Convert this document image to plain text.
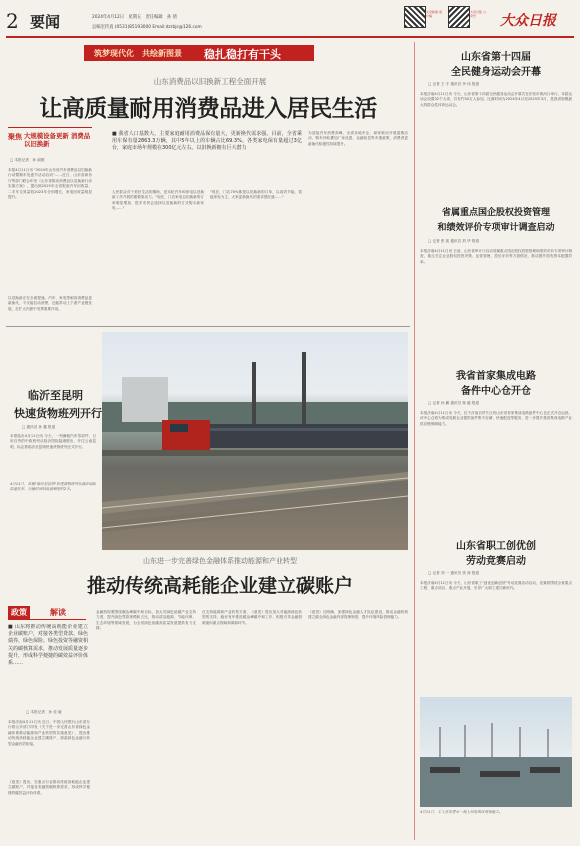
2 要闻	2024年4月12日　星期五　责任编辑　孙 倩
总编室传真 (0531)85193000 Email:dzrbjs@126.com
大众新闻 客户端
大众日报 公众号	大众日报
筑梦现代化　共绘新图景 稳扎稳打有干头
山东消费品以旧换新工程全面开展
让高质量耐用消费品进入居民生活
聚焦 大规模设备更新 消费品以旧换新
□ 本报记者　孙 淑媛
本报4月11日讯 "2024年山东省汽车消费品以旧换新行动暨购车优惠节活动启动"……近日，山东省商务厅等部门联合印发《山东省推动消费品以旧换新行动实施方案》，提出到2025年全省报废汽车回收量、二手车交易量较2023年分别增长，家电回收量明显提升。
以旧换新正在全面提速。汽车、家电等耐用消费品更新换代，不仅能拉动消费，还能带动上下游产业链发展，在扩大内需中发挥重要作用。
■ 我省人口基数大，主要家庭耐用消费品保有量大，更新换代需求强。目前，全省乘用车保有量2863.3万辆，其中5年以上的车辆占比69.3%。各类家电保有量超过3亿台，家庭市场年规模在300亿元左右。以旧换新拥有巨大潜力
人民群众对于美好生活的期盼，是本轮汽车和家电以旧换新工作开展的重要原动力。"现在，门店家电以旧换新的订单明显增加，很多市民会选择以旧换新的方式购买新家电……"
"现在，门店70%都是以旧换新的订单，以高效节能、智能家电为主，大家更新换代的需求很旺盛……"
为迎接汽车消费高峰，全省各地车企、商家联动开展促销活动，购车补贴叠加厂家优惠、金融贴息等多重政策，消费者更新换代积极性持续提升。
临沂至昆明
快速货物班列开行
□ 通讯员 孙 鑫 报道
本报临沂4月11日讯 今天，一列满载汽车零部件、日用百货的中欧班列从临沂国际陆港驶出，开往云南昆明，标志着临沂至昆明快速货物班列正式开行。
4月11日，首趟"临沂至昆明"快速货物班列从临沂国际陆港发车，运输时间较此前缩短约2天。
山东进一步完善绿色金融体系推动能源和产业转型
推动传统高耗能企业建立碳账户
政策	解读
■ 山东将推动传统高耗能企业建立企业碳账户，对接各类型贷款、绿色债券、绿色保险。绿色投资等融资相关的碳核算需求，推动发展质量逐步提升，形成科学便捷的碳效益评价体系……
□ 本报记者　孙 佳 毅
本报济南4月11日讯 近日，中国人民银行山东省分行联合多部门印发《关于进一步完善山东省绿色金融体系推动能源和产业转型的实施意见》，提出推动传统高耗能企业建立碳账户，探索绿色金融与转型金融有效衔接。
《意见》提出，在重点行业推动传统高耗能企业建立碳账户，对接各类融资碳核算需求，形成科学便捷的碳效益评价体系。
金融机构要围绕碳达峰碳中和目标，加大对绿色低碳产业支持力度，提升绿色贷款规模和占比，推动清洁能源、节能环保、生态环境等领域发展，为全省绿色低碳高质量发展提供有力支撑。
在支持能源和产业转型方面，《意见》提出加大对能源绿色转型的支持，稳妥有序推进碳达峰碳中和工作，积极引导金融资源流向重点领域和薄弱环节。
《意见》还明确，加强绿色金融人才队伍建设，推动金融机构建立健全绿色金融内部管理制度，提升环境风险管理能力。
山东省第十四届
全民健身运动会开幕
□ 记者 王 宇 通讯员 李 伟 报道
本报济南4月11日讯 今天，山东省第十四届全民健身运动会开幕式在东营市黄河口举行。本届运动会设置32个大项，共有约30万人参加，比赛时间为2024年4月至2025年3月，是我省规模最大的群众性体育运动会。
省属重点国企股权投资管理
和绩效评价专项审计调查启动
□ 记者 张 凯 通讯员 刘 华 报道
本报济南4月11日讯 日前，山东省审计厅启动省属重点国企股权投资管理和绩效评价专项审计调查，重点关注企业股权投资决策、运营管理、投后评价等方面情况，推动提升国有资本配置效率。
我省首家集成电路
备件中心仓开仓
□ 记者 孙 鹏 通讯员 杨 越 报道
本报济南4月11日讯 今天，位于济南自贸片区的山东省首家集成电路备件中心仓正式开仓运营。该中心仓将为集成电路企业提供备件集中存储、快速配送等服务，进一步提升我省集成电路产业供应链保障能力。
山东省职工创优创
劳动竞赛启动
□ 记者 刘 一 通讯员 张 涛 报道
本报济南4月11日讯 今天，山东省职工"创优创新创效"劳动竞赛活动启动，竞赛将围绕全省重点工程、重点项目、重点产业开展，引导广大职工建功新时代。
4月11日，工人在东营市一海上风电项目现场施工。
